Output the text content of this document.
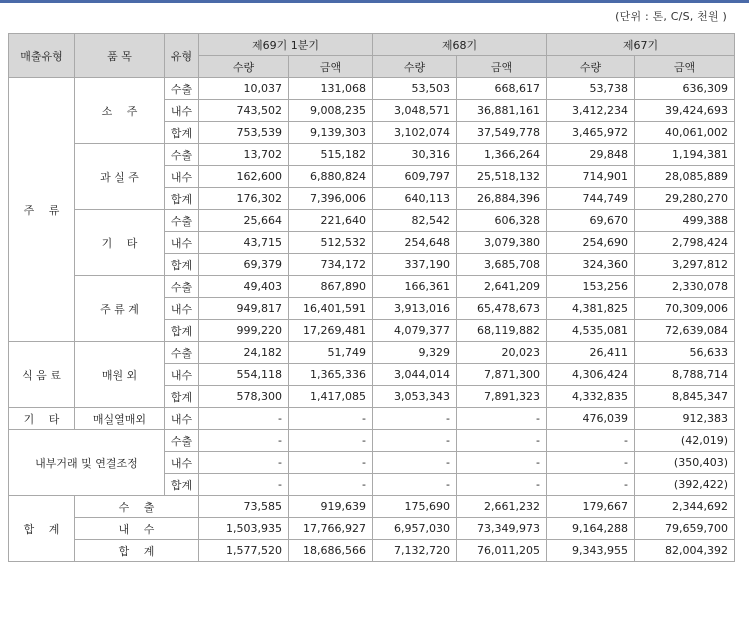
(단위 : 톤, C/S, 천원 )
매출유형	품 목	유형	제69기 1분기		제68기		제67기	
			수량	금액	수량	금액	수량	금액
주　 류	소　 주	수출	10,037	131,068	53,503	668,617	53,738	636,309
		내수	743,502	9,008,235	3,048,571	36,881,161	3,412,234	39,424,693
		합계	753,539	9,139,303	3,102,074	37,549,778	3,465,972	40,061,002
	과 실 주	수출	13,702	515,182	30,316	1,366,264	29,848	1,194,381
		내수	162,600	6,880,824	609,797	25,518,132	714,901	28,085,889
		합계	176,302	7,396,006	640,113	26,884,396	744,749	29,280,270
	기　 타	수출	25,664	221,640	82,542	606,328	69,670	499,388
		내수	43,715	512,532	254,648	3,079,380	254,690	2,798,424
		합계	69,379	734,172	337,190	3,685,708	324,360	3,297,812
	주 류 계	수출	49,403	867,890	166,361	2,641,209	153,256	2,330,078
		내수	949,817	16,401,591	3,913,016	65,478,673	4,381,825	70,309,006
		합계	999,220	17,269,481	4,079,377	68,119,882	4,535,081	72,639,084
식 음 료	매원 외	수출	24,182	51,749	9,329	20,023	26,411	56,633
		내수	554,118	1,365,336	3,044,014	7,871,300	4,306,424	8,788,714
		합계	578,300	1,417,085	3,053,343	7,891,323	4,332,835	8,845,347
기　 타	매실열매외	내수	-	-	-	-	476,039	912,383
내부거래 및 연결조정		수출	-	-	-	-	-	(42,019)
		내수	-	-	-	-	-	(350,403)
		합계	-	-	-	-	-	(392,422)
합　 계	수　 출		73,585	919,639	175,690	2,661,232	179,667	2,344,692
	내　 수		1,503,935	17,766,927	6,957,030	73,349,973	9,164,288	79,659,700
	합　 계		1,577,520	18,686,566	7,132,720	76,011,205	9,343,955	82,004,392
